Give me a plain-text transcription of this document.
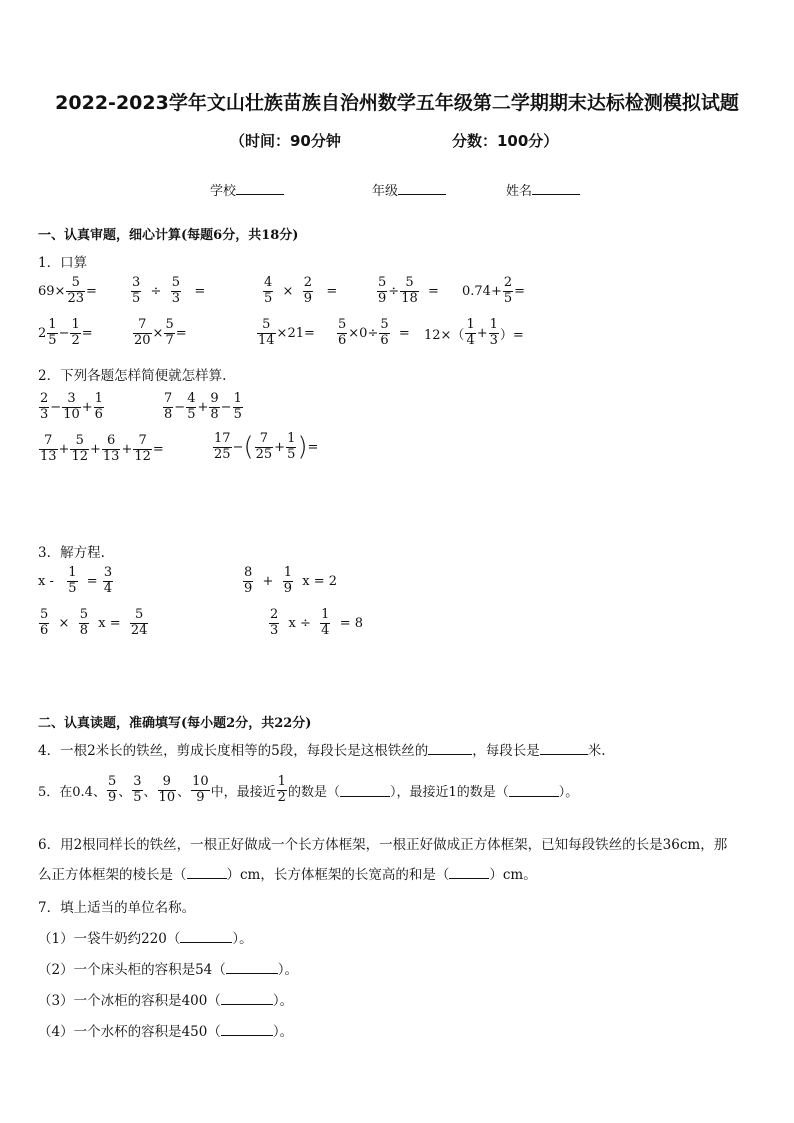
2022-2023学年文山壮族苗族自治州数学五年级第二学期期末达标检测模拟试题
（时间：90分钟	分数：100分）
学校	年级	姓名
一、认真审题，细心计算(每题6分，共18分)
1．口算
$69\times \frac{5}{23}$ =	$\frac{3}{5} \div \frac{5}{3}$ =	$\frac{4}{5} \times \frac{2}{9}$ =	$\frac{5}{9} \div \frac{5}{18} = 0.74+ \frac{2}{5}$ =
$2 \frac{1}{5} - \frac{1}{2}$ =	$\frac{7}{20} \times \frac{5}{7}$ =	$\frac{5}{14} \times 21= \frac{5}{6} \times 0\div \frac{5}{6} = 12\times( \frac{1}{4} + \frac{1}{3}$ ）=
2．下列各题怎样简便就怎样算.
$\frac{2}{3} - \frac{3}{10} + \frac{1}{6}$	$\frac{7}{8} - \frac{4}{5} + \frac{9}{8} - \frac{1}{5}$
$\frac{7}{13} + \frac{5}{12} + \frac{6}{13} + \frac{7}{12}$ =	$\frac{17}{25}$ − ( $\frac{7}{25} + \frac{1}{5}$ ) =
3．解方程.
$x - \frac{1}{5} = \frac{3}{4}$	$\frac{8}{9} + \frac{1}{9}$ x = 2
$\frac{5}{6} \times \frac{5}{8}$ $x = \frac{5}{24}$	$\frac{2}{3}$ $x \div \frac{1}{4} = 8$
二、认真读题，准确填写(每小题2分，共22分)
4．一根2米长的铁丝，剪成长度相等的5段，每段长是这根铁丝的	，每段长是	米.
5．在0.4、 $\frac{5}{9}$ 、 $\frac{3}{5}$ 、 $\frac{9}{10}$ 、 $\frac{10}{9}$ 中，最接近 $\frac{1}{2}$ 的数是（	），最接近1的数是（	）。
6．用2根同样长的铁丝，一根正好做成一个长方体框架，一根正好做成正方体框架，已知每段铁丝的长是36cm，那
么正方体框架的棱长是（	）cm，长方体框架的长宽高的和是（	）cm。
7．填上适当的单位名称。
（1）一袋牛奶约220（	）。
（2）一个床头柜的容积是54（	）。
（3）一个冰柜的容积是400（	）。
（4）一个水杯的容积是450（	）。
